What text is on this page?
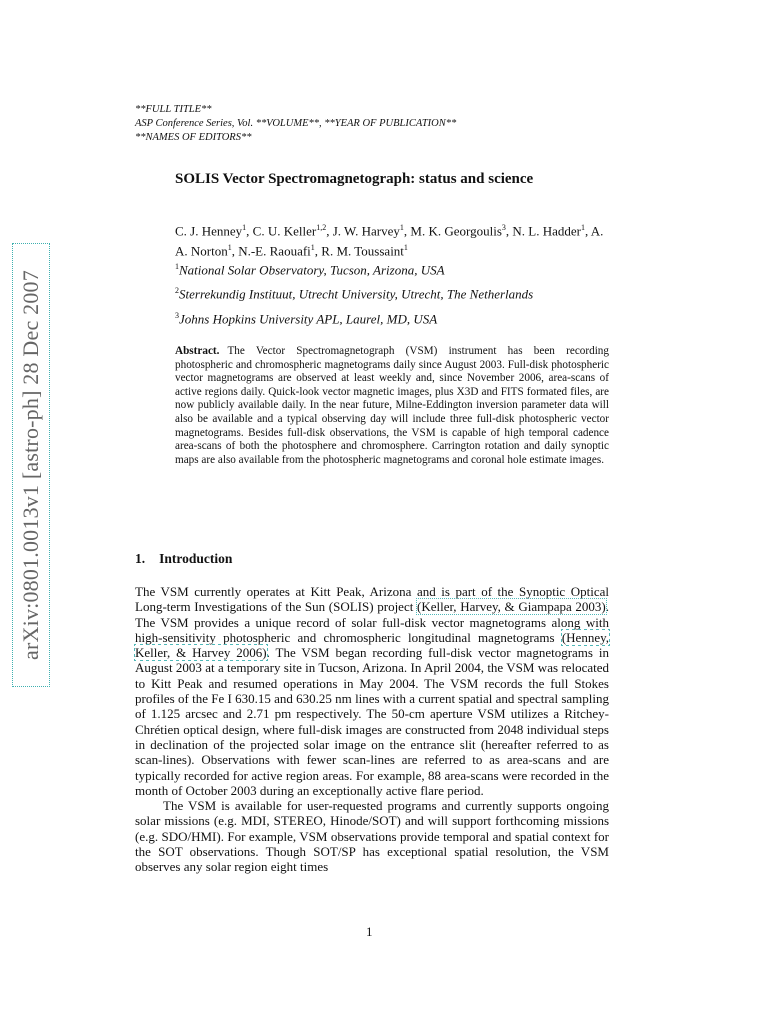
**FULL TITLE**
ASP Conference Series, Vol. **VOLUME**, **YEAR OF PUBLICATION**
**NAMES OF EDITORS**
SOLIS Vector Spectromagnetograph: status and science
C. J. Henney$^1$, C. U. Keller$^{1,2}$, J. W. Harvey$^1$, M. K. Georgoulis$^3$, N. L. Hadder$^1$, A. A. Norton$^1$, N.-E. Raouafi$^1$, R. M. Toussaint$^1$
$^1$National Solar Observatory, Tucson, Arizona, USA
$^2$Sterrekundig Instituut, Utrecht University, Utrecht, The Netherlands
$^3$Johns Hopkins University APL, Laurel, MD, USA
Abstract. The Vector Spectromagnetograph (VSM) instrument has been recording photospheric and chromospheric magnetograms daily since August 2003. Full-disk photospheric vector magnetograms are observed at least weekly and, since November 2006, area-scans of active regions daily. Quick-look vector magnetic images, plus X3D and FITS formated files, are now publicly available daily. In the near future, Milne-Eddington inversion parameter data will also be available and a typical observing day will include three full-disk photospheric vector magnetograms. Besides full-disk observations, the VSM is capable of high temporal cadence area-scans of both the photosphere and chromosphere. Carrington rotation and daily synoptic maps are also available from the photospheric magnetograms and coronal hole estimate images.
1. Introduction

The VSM currently operates at Kitt Peak, Arizona and is part of the Synoptic Optical Long-term Investigations of the Sun (SOLIS) project (Keller, Harvey, & Giampapa 2003). The VSM provides a unique record of solar full-disk vector magnetograms along with high-sensitivity photospheric and chromospheric longitudinal magnetograms (Henney, Keller, & Harvey 2006). The VSM began recording full-disk vector magnetograms in August 2003 at a temporary site in Tucson, Arizona. In April 2004, the VSM was relocated to Kitt Peak and resumed operations in May 2004. The VSM records the full Stokes profiles of the Fe I 630.15 and 630.25 nm lines with a current spatial and spectral sampling of 1.125 arcsec and 2.71 pm respectively. The 50-cm aperture VSM utilizes a Ritchey-Chrétien optical design, where full-disk images are constructed from 2048 individual steps in declination of the projected solar image on the entrance slit (hereafter referred to as scan-lines). Observations with fewer scan-lines are referred to as area-scans and are typically recorded for active region areas. For example, 88 area-scans were recorded in the month of October 2003 during an exceptionally active flare period.

The VSM is available for user-requested programs and currently supports ongoing solar missions (e.g. MDI, STEREO, Hinode/SOT) and will support forthcoming missions (e.g. SDO/HMI). For example, VSM observations provide temporal and spatial context for the SOT observations. Though SOT/SP has exceptional spatial resolution, the VSM observes any solar region eight times

1
arXiv:0801.0013v1 [astro-ph] 28 Dec 2007
